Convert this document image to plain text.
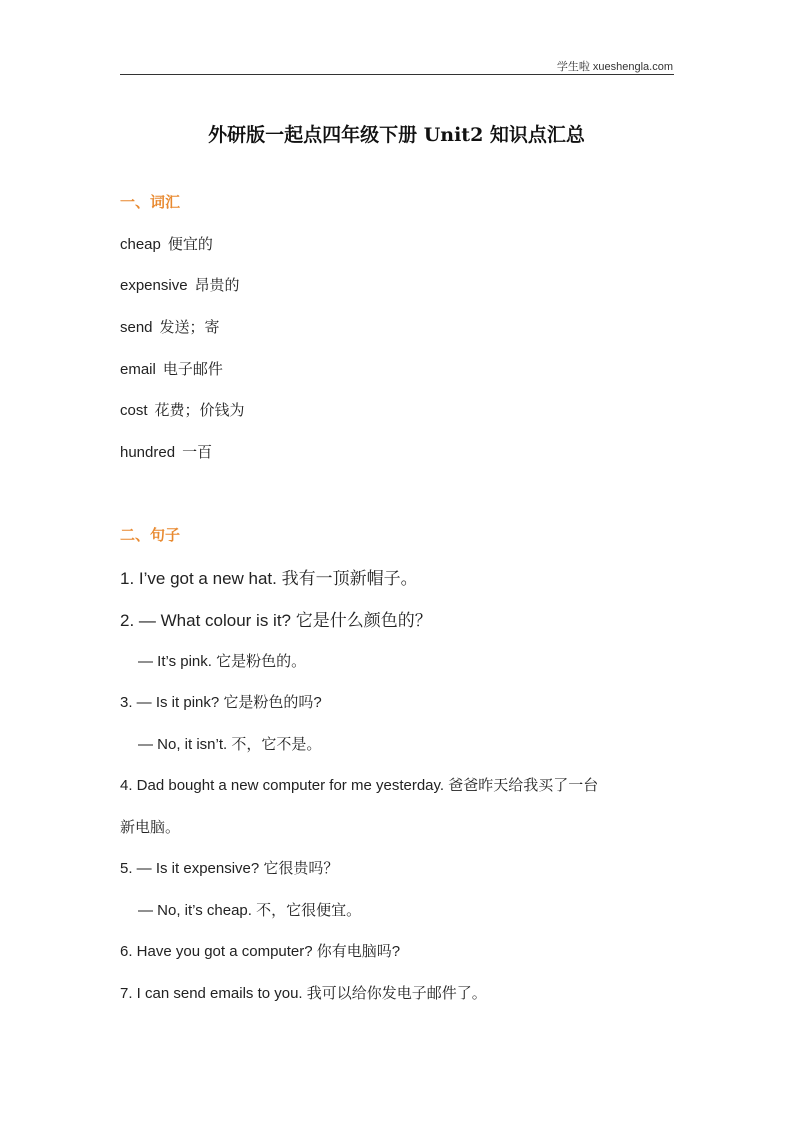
学生啦 xueshengla.com
外研版一起点四年级下册 Unit2 知识点汇总
一、词汇
cheap 便宜的
expensive 昂贵的
send 发送；寄
email 电子邮件
cost 花费；价钱为
hundred 一百
二、句子
1. I’ve got a new hat. 我有一顶新帽子。
2. — What colour is it? 它是什么颜色的？
— It’s pink. 它是粉色的。
3. — Is it pink? 它是粉色的吗?
— No, it isn’t. 不，它不是。
4. Dad bought a new computer for me yesterday. 爸爸昨天给我买了一台
新电脑。
5. — Is it expensive? 它很贵吗？
— No, it’s cheap. 不，它很便宜。
6. Have you got a computer? 你有电脑吗?
7. I can send emails to you. 我可以给你发电子邮件了。
